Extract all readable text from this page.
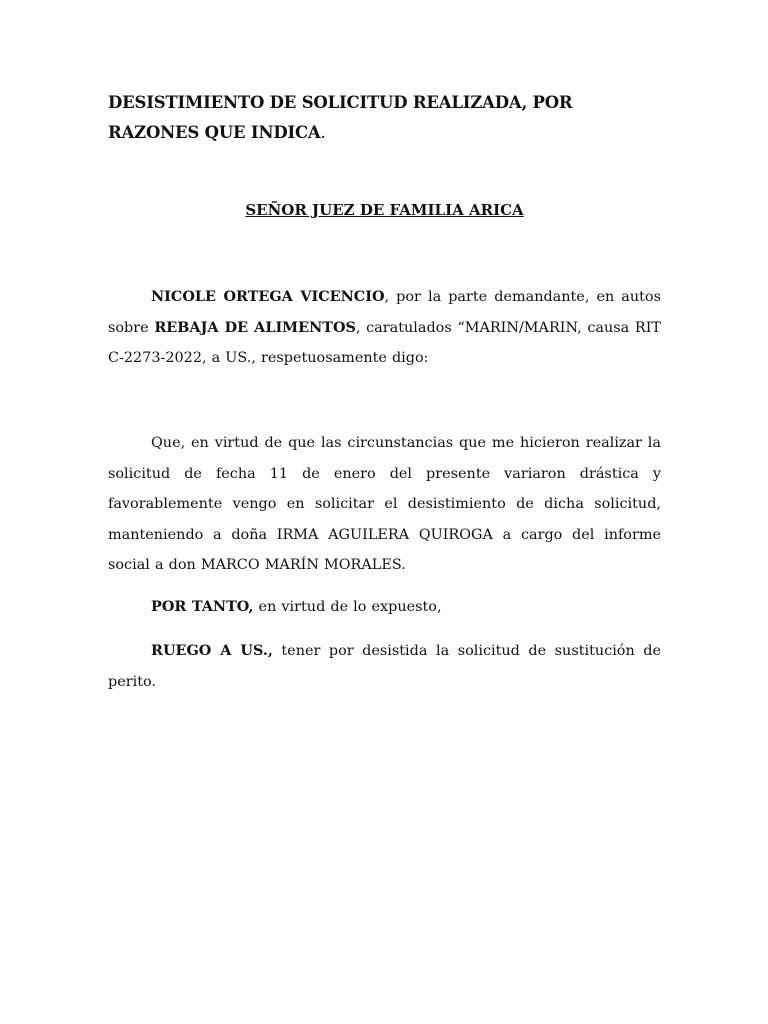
DESISTIMIENTO DE SOLICITUD REALIZADA, POR RAZONES QUE INDICA.

SEÑOR JUEZ DE FAMILIA ARICA

NICOLE ORTEGA VICENCIO, por la parte demandante, en autos sobre REBAJA DE ALIMENTOS, caratulados “MARIN/MARIN, causa RIT C-2273-2022, a US., respetuosamente digo:

Que, en virtud de que las circunstancias que me hicieron realizar la solicitud de fecha 11 de enero del presente variaron drástica y favorablemente vengo en solicitar el desistimiento de dicha solicitud, manteniendo a doña IRMA AGUILERA QUIROGA a cargo del informe social a don MARCO MARÍN MORALES.

POR TANTO, en virtud de lo expuesto,

RUEGO A US., tener por desistida la solicitud de sustitución de perito.
